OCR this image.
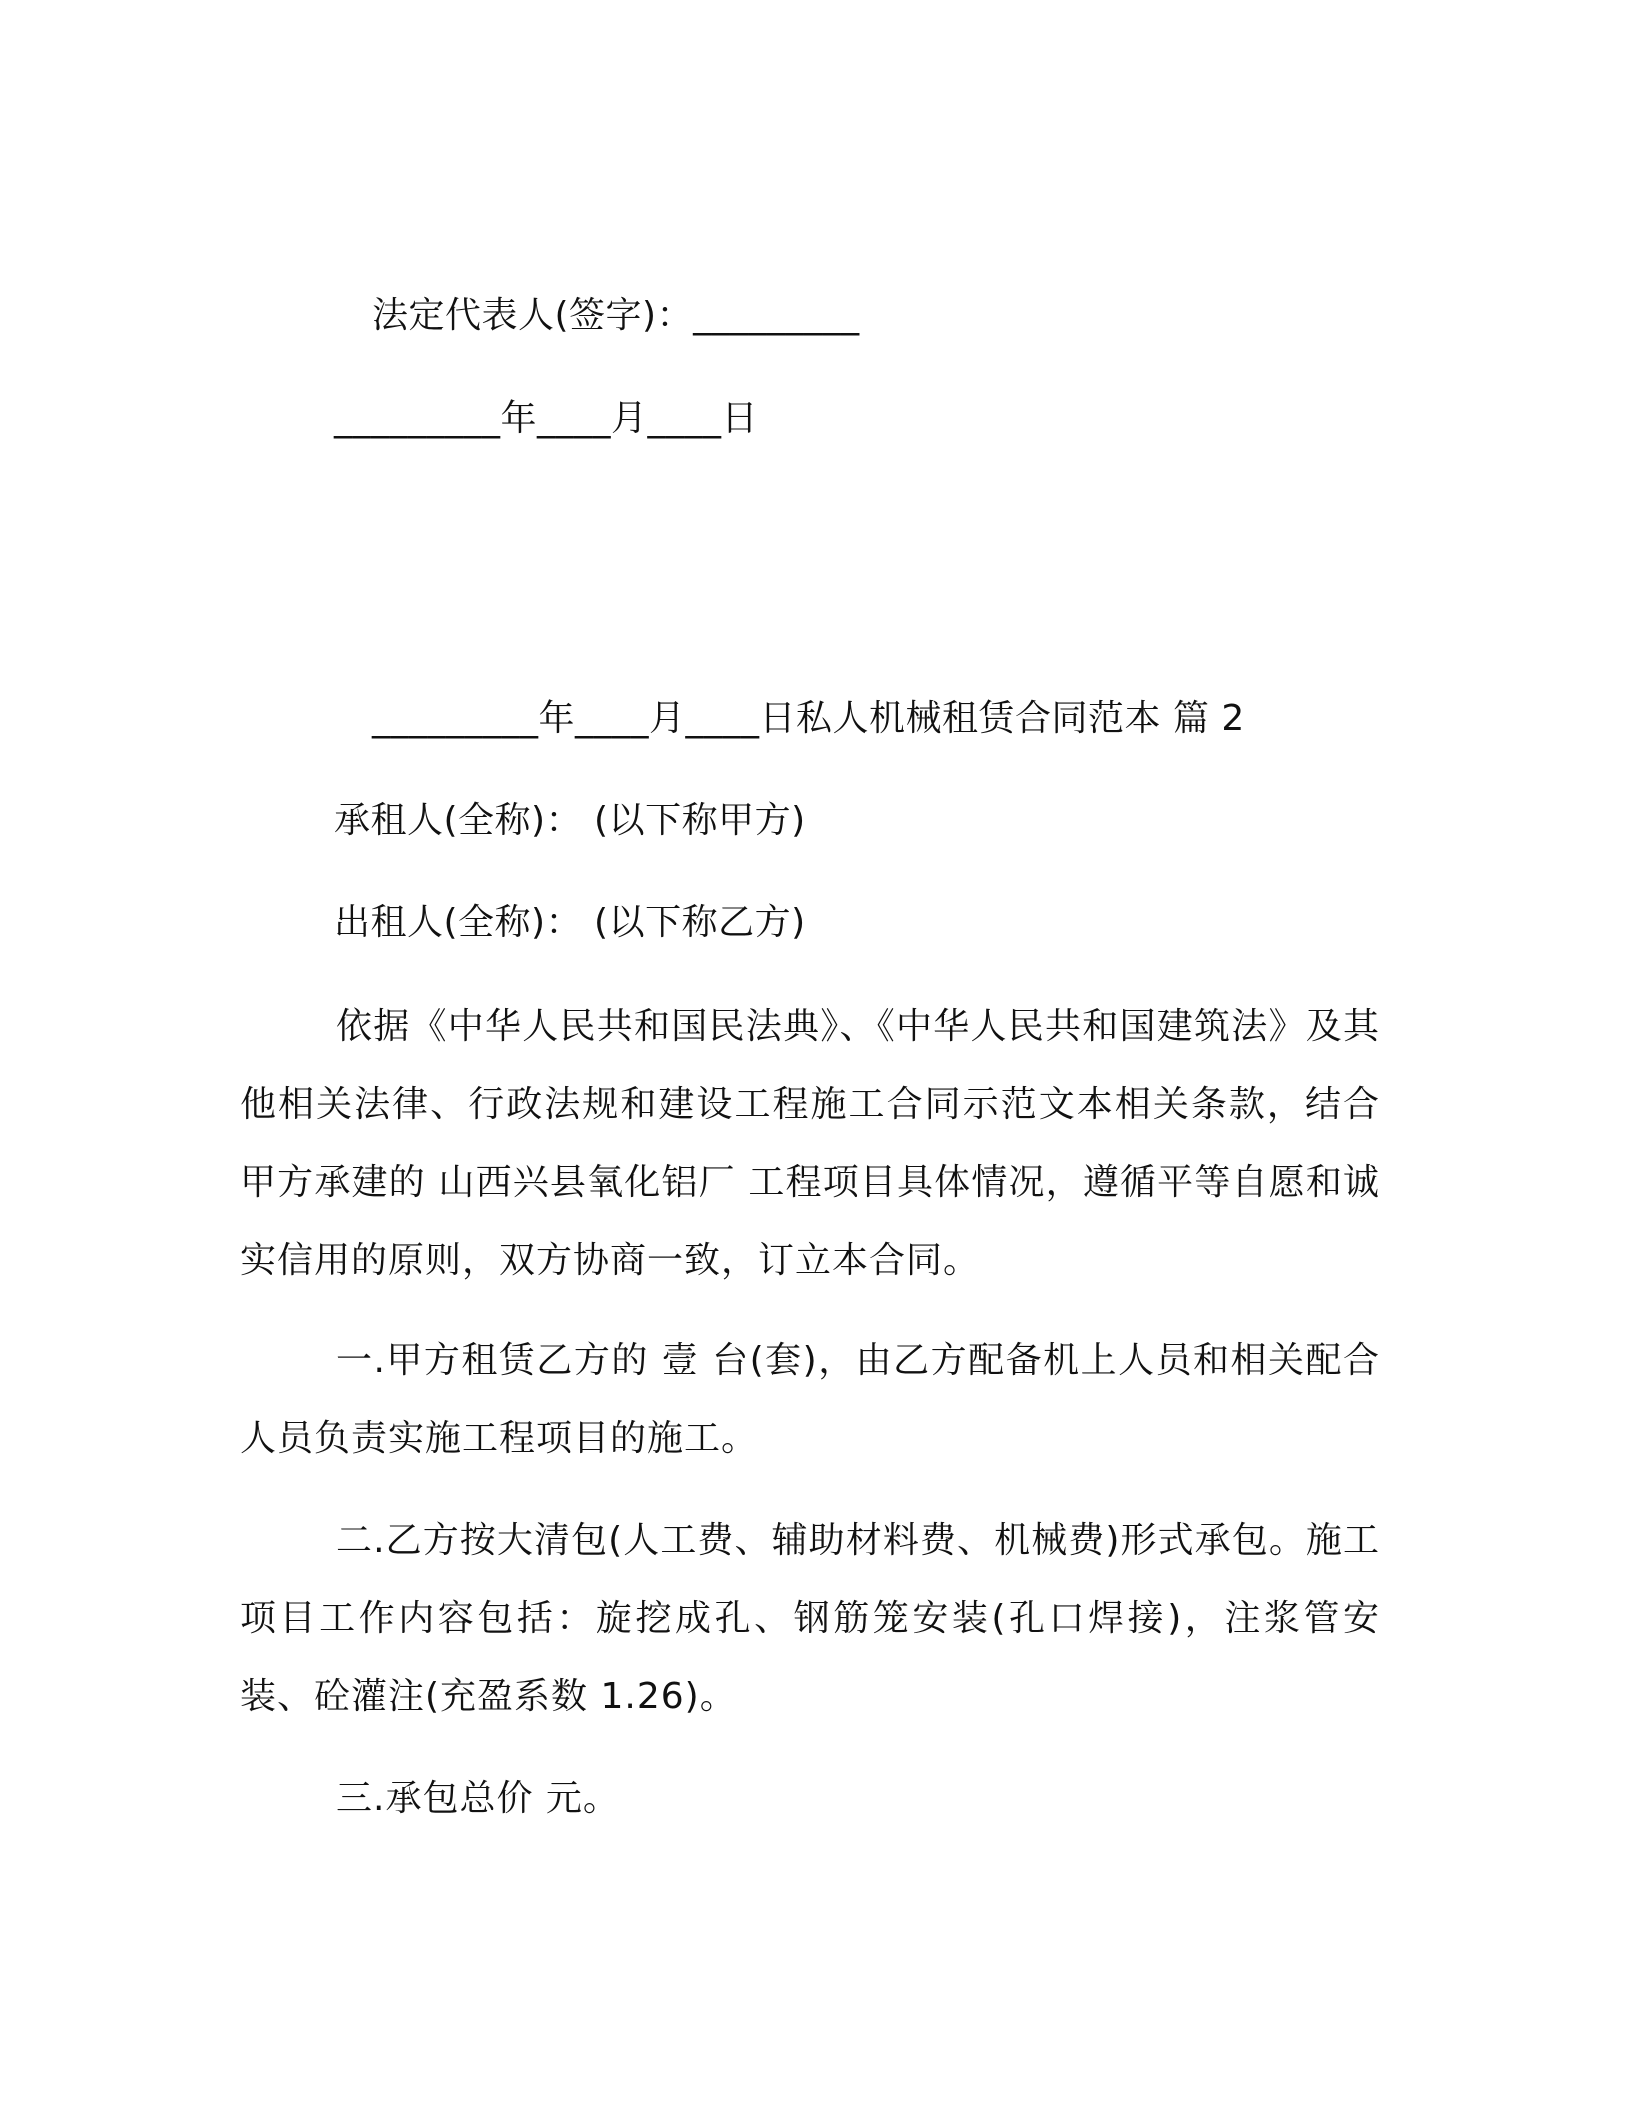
法定代表人(签字)：_________

_________年____月____日

_________年____月____日私人机械租赁合同范本 篇 2

承租人(全称)： (以下称甲方)

出租人(全称)： (以下称乙方)

依据《中华人民共和国民法典》、《中华人民共和国建筑法》及其他相关法律、行政法规和建设工程施工合同示范文本相关条款，结合甲方承建的 山西兴县氧化铝厂 工程项目具体情况，遵循平等自愿和诚实信用的原则，双方协商一致，订立本合同。

一.甲方租赁乙方的 壹 台(套)，由乙方配备机上人员和相关配合人员负责实施工程项目的施工。

二.乙方按大清包(人工费、辅助材料费、机械费)形式承包。施工项目工作内容包括：旋挖成孔、钢筋笼安装(孔口焊接)，注浆管安装、砼灌注(充盈系数 1.26)。

三.承包总价 元。
